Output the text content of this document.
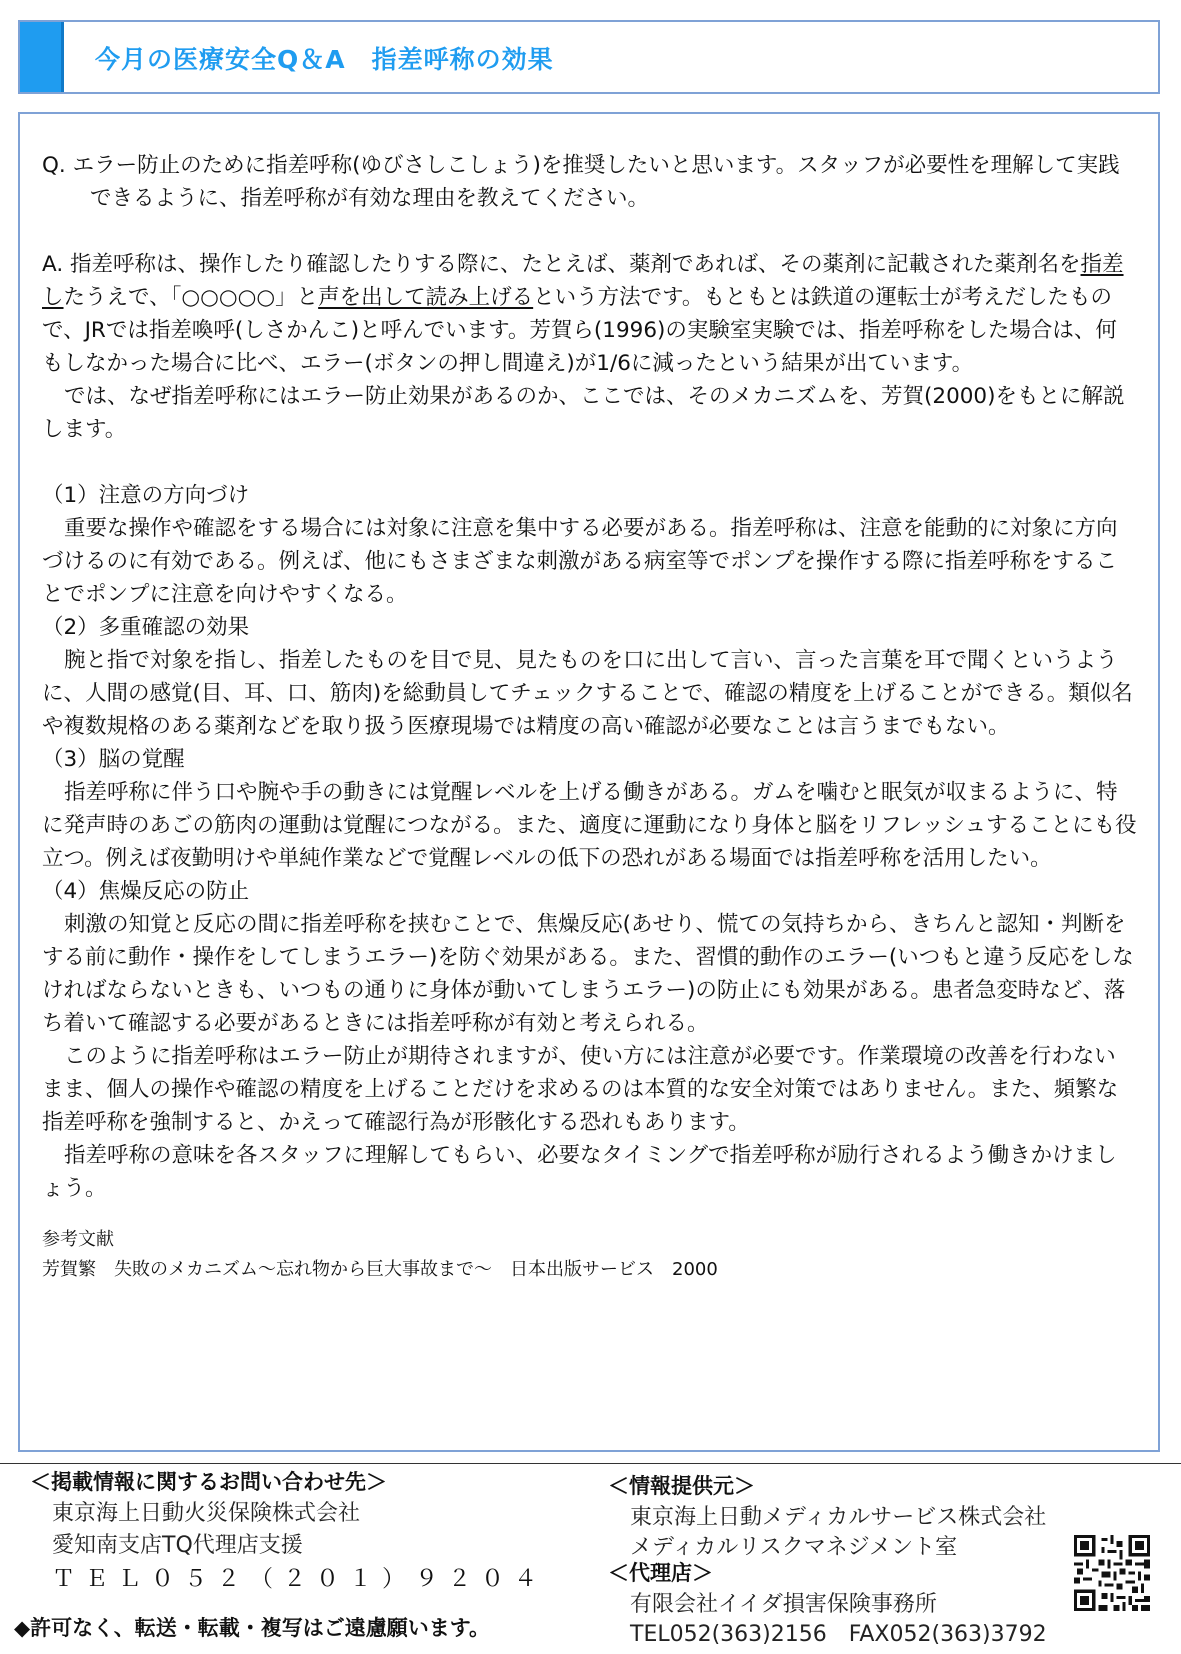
今月の医療安全Q＆A　指差呼称の効果

Q. エラー防止のために指差呼称(ゆびさしこしょう)を推奨したいと思います。スタッフが必要性を理解して実践できるように、指差呼称が有効な理由を教えてください。

A. 指差呼称は、操作したり確認したりする際に、たとえば、薬剤であれば、その薬剤に記載された薬剤名を指差したうえで、「○○○○○」と声を出して読み上げるという方法です。もともとは鉄道の運転士が考えだしたもので、JRでは指差喚呼(しさかんこ)と呼んでいます。芳賀ら(1996)の実験室実験では、指差呼称をした場合は、何もしなかった場合に比べ、エラー(ボタンの押し間違え)が1/6に減ったという結果が出ています。

では、なぜ指差呼称にはエラー防止効果があるのか、ここでは、そのメカニズムを、芳賀(2000)をもとに解説します。

（1）注意の方向づけ

重要な操作や確認をする場合には対象に注意を集中する必要がある。指差呼称は、注意を能動的に対象に方向づけるのに有効である。例えば、他にもさまざまな刺激がある病室等でポンプを操作する際に指差呼称をすることでポンプに注意を向けやすくなる。

（2）多重確認の効果

腕と指で対象を指し、指差したものを目で見、見たものを口に出して言い、言った言葉を耳で聞くというように、人間の感覚(目、耳、口、筋肉)を総動員してチェックすることで、確認の精度を上げることができる。類似名や複数規格のある薬剤などを取り扱う医療現場では精度の高い確認が必要なことは言うまでもない。

（3）脳の覚醒

指差呼称に伴う口や腕や手の動きには覚醒レベルを上げる働きがある。ガムを噛むと眠気が収まるように、特に発声時のあごの筋肉の運動は覚醒につながる。また、適度に運動になり身体と脳をリフレッシュすることにも役立つ。例えば夜勤明けや単純作業などで覚醒レベルの低下の恐れがある場面では指差呼称を活用したい。

（4）焦燥反応の防止

刺激の知覚と反応の間に指差呼称を挟むことで、焦燥反応(あせり、慌ての気持ちから、きちんと認知・判断をする前に動作・操作をしてしまうエラー)を防ぐ効果がある。また、習慣的動作のエラー(いつもと違う反応をしなければならないときも、いつもの通りに身体が動いてしまうエラー)の防止にも効果がある。患者急変時など、落ち着いて確認する必要があるときには指差呼称が有効と考えられる。

このように指差呼称はエラー防止が期待されますが、使い方には注意が必要です。作業環境の改善を行わないまま、個人の操作や確認の精度を上げることだけを求めるのは本質的な安全対策ではありません。また、頻繁な指差呼称を強制すると、かえって確認行為が形骸化する恐れもあります。

指差呼称の意味を各スタッフに理解してもらい、必要なタイミングで指差呼称が励行されるよう働きかけましょう。

参考文献
芳賀繁　失敗のメカニズム～忘れ物から巨大事故まで～　日本出版サービス　2000
＜掲載情報に関するお問い合わせ先＞
東京海上日動火災保険株式会社
愛知南支店TQ代理店支援
ＴＥＬ０５２（２０１）９２０４
◆許可なく、転送・転載・複写はご遠慮願います。
＜情報提供元＞
東京海上日動メディカルサービス株式会社
メディカルリスクマネジメント室
＜代理店＞
有限会社イイダ損害保険事務所
TEL052(363)2156　FAX052(363)3792
